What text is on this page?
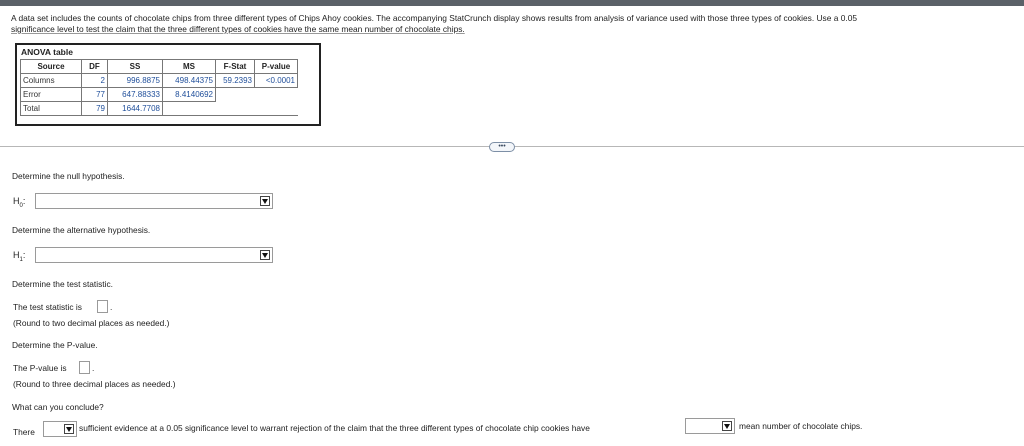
A data set includes the counts of chocolate chips from three different types of Chips Ahoy cookies. The accompanying StatCrunch display shows results from analysis of variance used with those three types of cookies. Use a 0.05
significance level to test the claim that the three different types of cookies have the same mean number of chocolate chips.
ANOVA table
Source	DF	SS	MS	F-Stat	P-value
Columns	2	996.8875	498.44375	59.2393	<0.0001
Error	77	647.88333	8.4140692		
Total	79	1644.7708			
•••
Determine the null hypothesis.
$H_0$:
Determine the alternative hypothesis.
$H_1$:
Determine the test statistic.
The test statistic is	.
(Round to two decimal places as needed.)
Determine the P-value.
The P-value is	.
(Round to three decimal places as needed.)
What can you conclude?
There	sufficient evidence at a 0.05 significance level to warrant rejection of the claim that the three different types of chocolate chip cookies have	mean number of chocolate chips.
